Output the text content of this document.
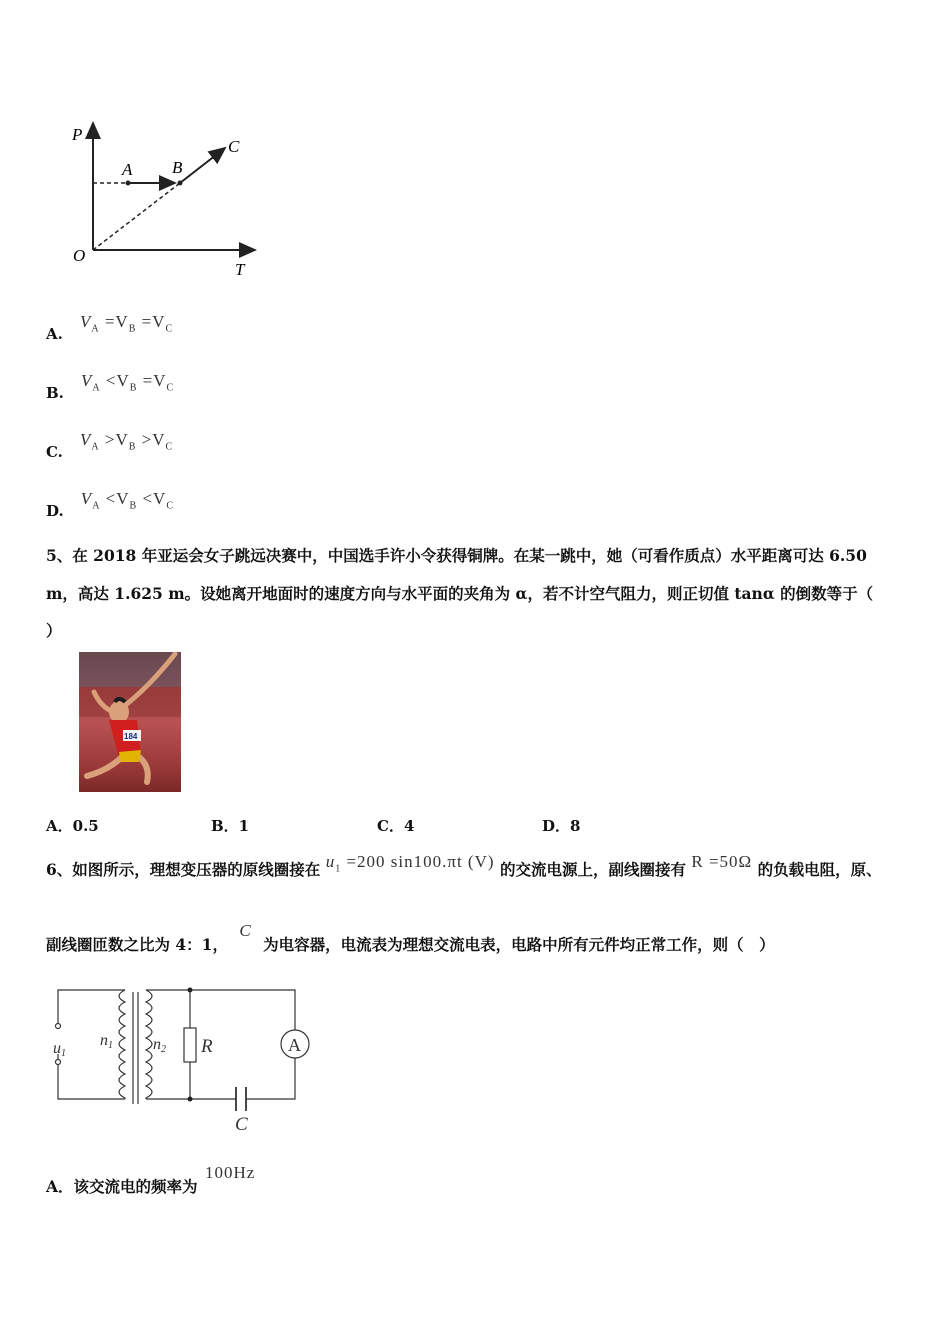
P
T
O
A B
C
A. $V_A =V_B =V_C$
B. $V_A <V_B =V_C$
C. $V_A >V_B >V_C$
D. $V_A <V_B <V_C$
5、在 2018 年亚运会女子跳远决赛中，中国选手许小令获得铜牌。在某一跳中，她（可看作质点）水平距离可达 6.50
m，高达 1.625 m。设她离开地面时的速度方向与水平面的夹角为 α，若不计空气阻力，则正切值 tanα 的倒数等于（
）
184
A．0.5	B．1	C．4	D．8
6、如图所示，理想变压器的原线圈接在 $u_1 =200$ sin100.πt (V) 的交流电源上，副线圈接有 R =50Ω 的负载电阻，原、
副线圈匝数之比为 4：1， C 为电容器，电流表为理想交流电表，电路中所有元件均正常工作，则（　）
u1
n1	n2 R	A
C
A．该交流电的频率为 100Hz
